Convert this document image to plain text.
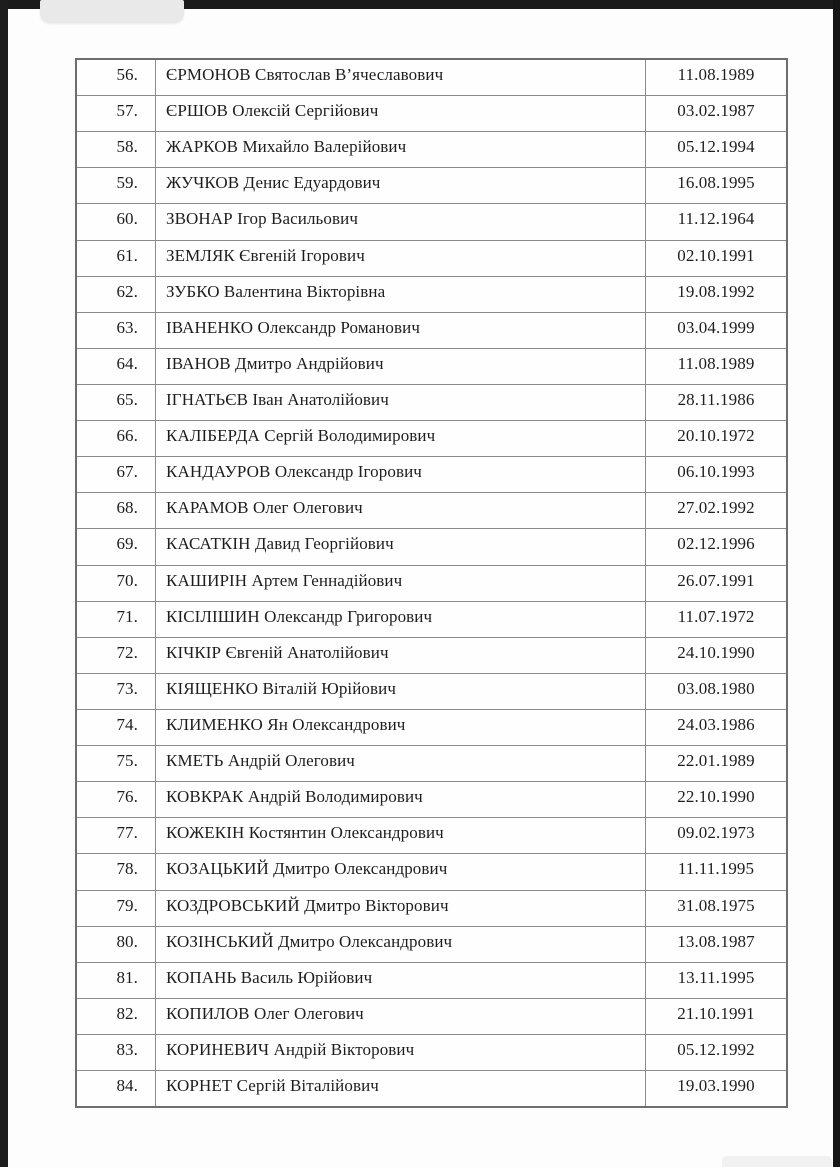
56.	ЄРМОНОВ Святослав В’ячеславович	11.08.1989
57.	ЄРШОВ Олексій Сергійович	03.02.1987
58.	ЖАРКОВ Михайло Валерійович	05.12.1994
59.	ЖУЧКОВ Денис Едуардович	16.08.1995
60.	ЗВОНАР Ігор Васильович	11.12.1964
61.	ЗЕМЛЯК Євгеній Ігорович	02.10.1991
62.	ЗУБКО Валентина Вікторівна	19.08.1992
63.	ІВАНЕНКО Олександр Романович	03.04.1999
64.	ІВАНОВ Дмитро Андрійович	11.08.1989
65.	ІГНАТЬЄВ Іван Анатолійович	28.11.1986
66.	КАЛІБЕРДА Сергій Володимирович	20.10.1972
67.	КАНДАУРОВ Олександр Ігорович	06.10.1993
68.	КАРАМОВ Олег Олегович	27.02.1992
69.	КАСАТКІН Давид Георгійович	02.12.1996
70.	КАШИРІН Артем Геннадійович	26.07.1991
71.	КІСІЛІШИН Олександр Григорович	11.07.1972
72.	КІЧКІР Євгеній Анатолійович	24.10.1990
73.	КІЯЩЕНКО Віталій Юрійович	03.08.1980
74.	КЛИМЕНКО Ян Олександрович	24.03.1986
75.	КМЕТЬ Андрій Олегович	22.01.1989
76.	КОВКРАК Андрій Володимирович	22.10.1990
77.	КОЖЕКІН Костянтин Олександрович	09.02.1973
78.	КОЗАЦЬКИЙ Дмитро Олександрович	11.11.1995
79.	КОЗДРОВСЬКИЙ Дмитро Вікторович	31.08.1975
80.	КОЗІНСЬКИЙ Дмитро Олександрович	13.08.1987
81.	КОПАНЬ Василь Юрійович	13.11.1995
82.	КОПИЛОВ Олег Олегович	21.10.1991
83.	КОРИНЕВИЧ Андрій Вікторович	05.12.1992
84.	КОРНЕТ Сергій Віталійович	19.03.1990
